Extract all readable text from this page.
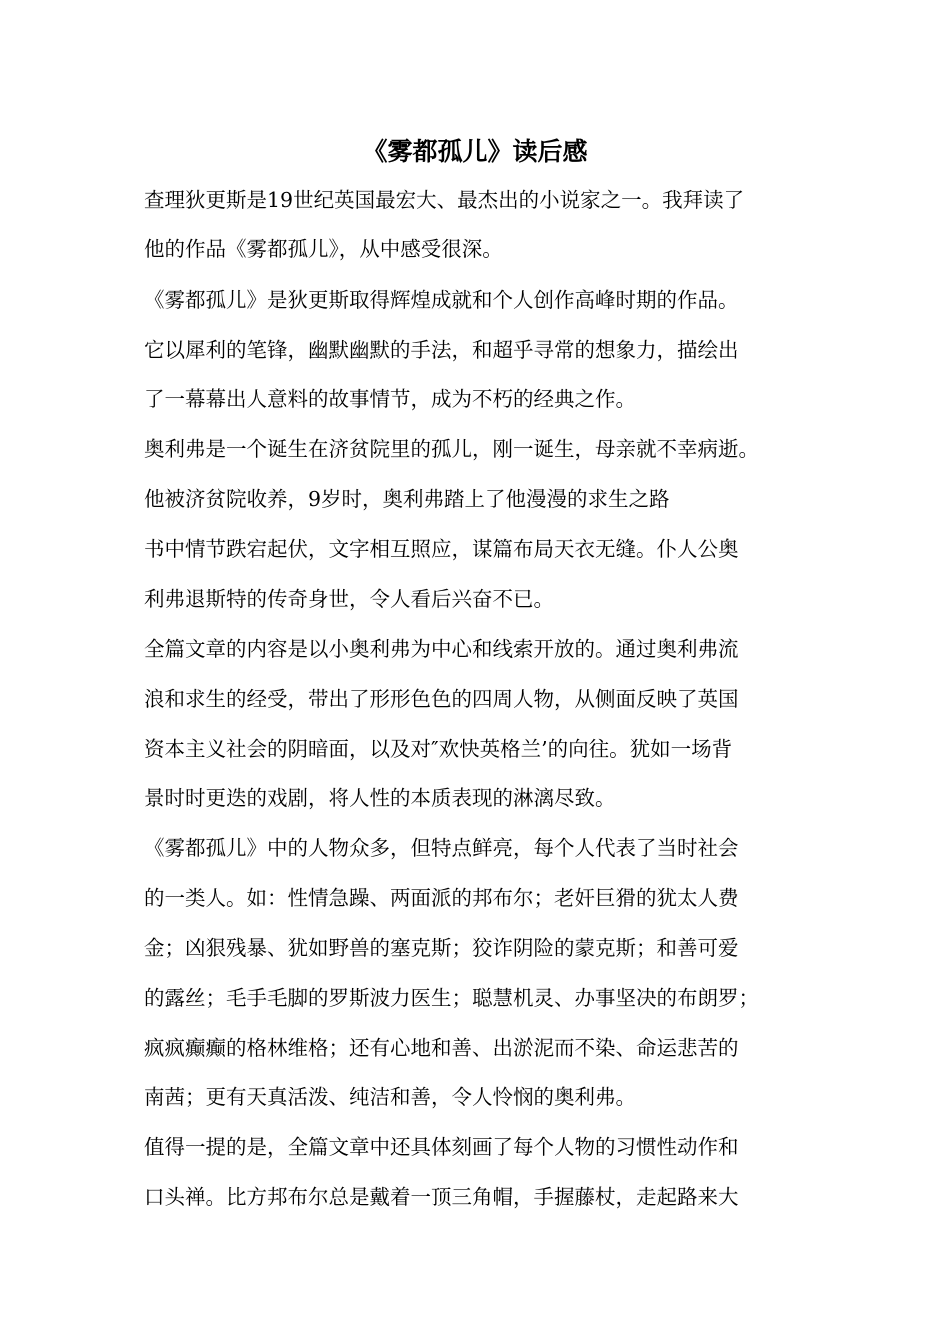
《雾都孤儿》读后感

查理狄更斯是19世纪英国最宏大、最杰出的小说家之一。我拜读了

他的作品《雾都孤儿》，从中感受很深。

《雾都孤儿》是狄更斯取得辉煌成就和个人创作高峰时期的作品。

它以犀利的笔锋，幽默幽默的手法，和超乎寻常的想象力，描绘出

了一幕幕出人意料的故事情节，成为不朽的经典之作。

奥利弗是一个诞生在济贫院里的孤儿，刚一诞生，母亲就不幸病逝。

他被济贫院收养，9岁时，奥利弗踏上了他漫漫的求生之路

书中情节跌宕起伏，文字相互照应，谋篇布局天衣无缝。仆人公奥

利弗退斯特的传奇身世，令人看后兴奋不已。

全篇文章的内容是以小奥利弗为中心和线索开放的。通过奥利弗流

浪和求生的经受，带出了形形色色的四周人物，从侧面反映了英国

资本主义社会的阴暗面，以及对″欢快英格兰’的向往。犹如一场背

景时时更迭的戏剧，将人性的本质表现的淋漓尽致。

《雾都孤儿》中的人物众多，但特点鲜亮，每个人代表了当时社会

的一类人。如：性情急躁、两面派的邦布尔；老奸巨猾的犹太人费

金；凶狠残暴、犹如野兽的塞克斯；狡诈阴险的蒙克斯；和善可爱

的露丝；毛手毛脚的罗斯波力医生；聪慧机灵、办事坚决的布朗罗；

疯疯癫癫的格林维格；还有心地和善、出淤泥而不染、命运悲苦的

南茜；更有天真活泼、纯洁和善，令人怜悯的奥利弗。

值得一提的是，全篇文章中还具体刻画了每个人物的习惯性动作和

口头禅。比方邦布尔总是戴着一顶三角帽，手握藤杖，走起路来大
